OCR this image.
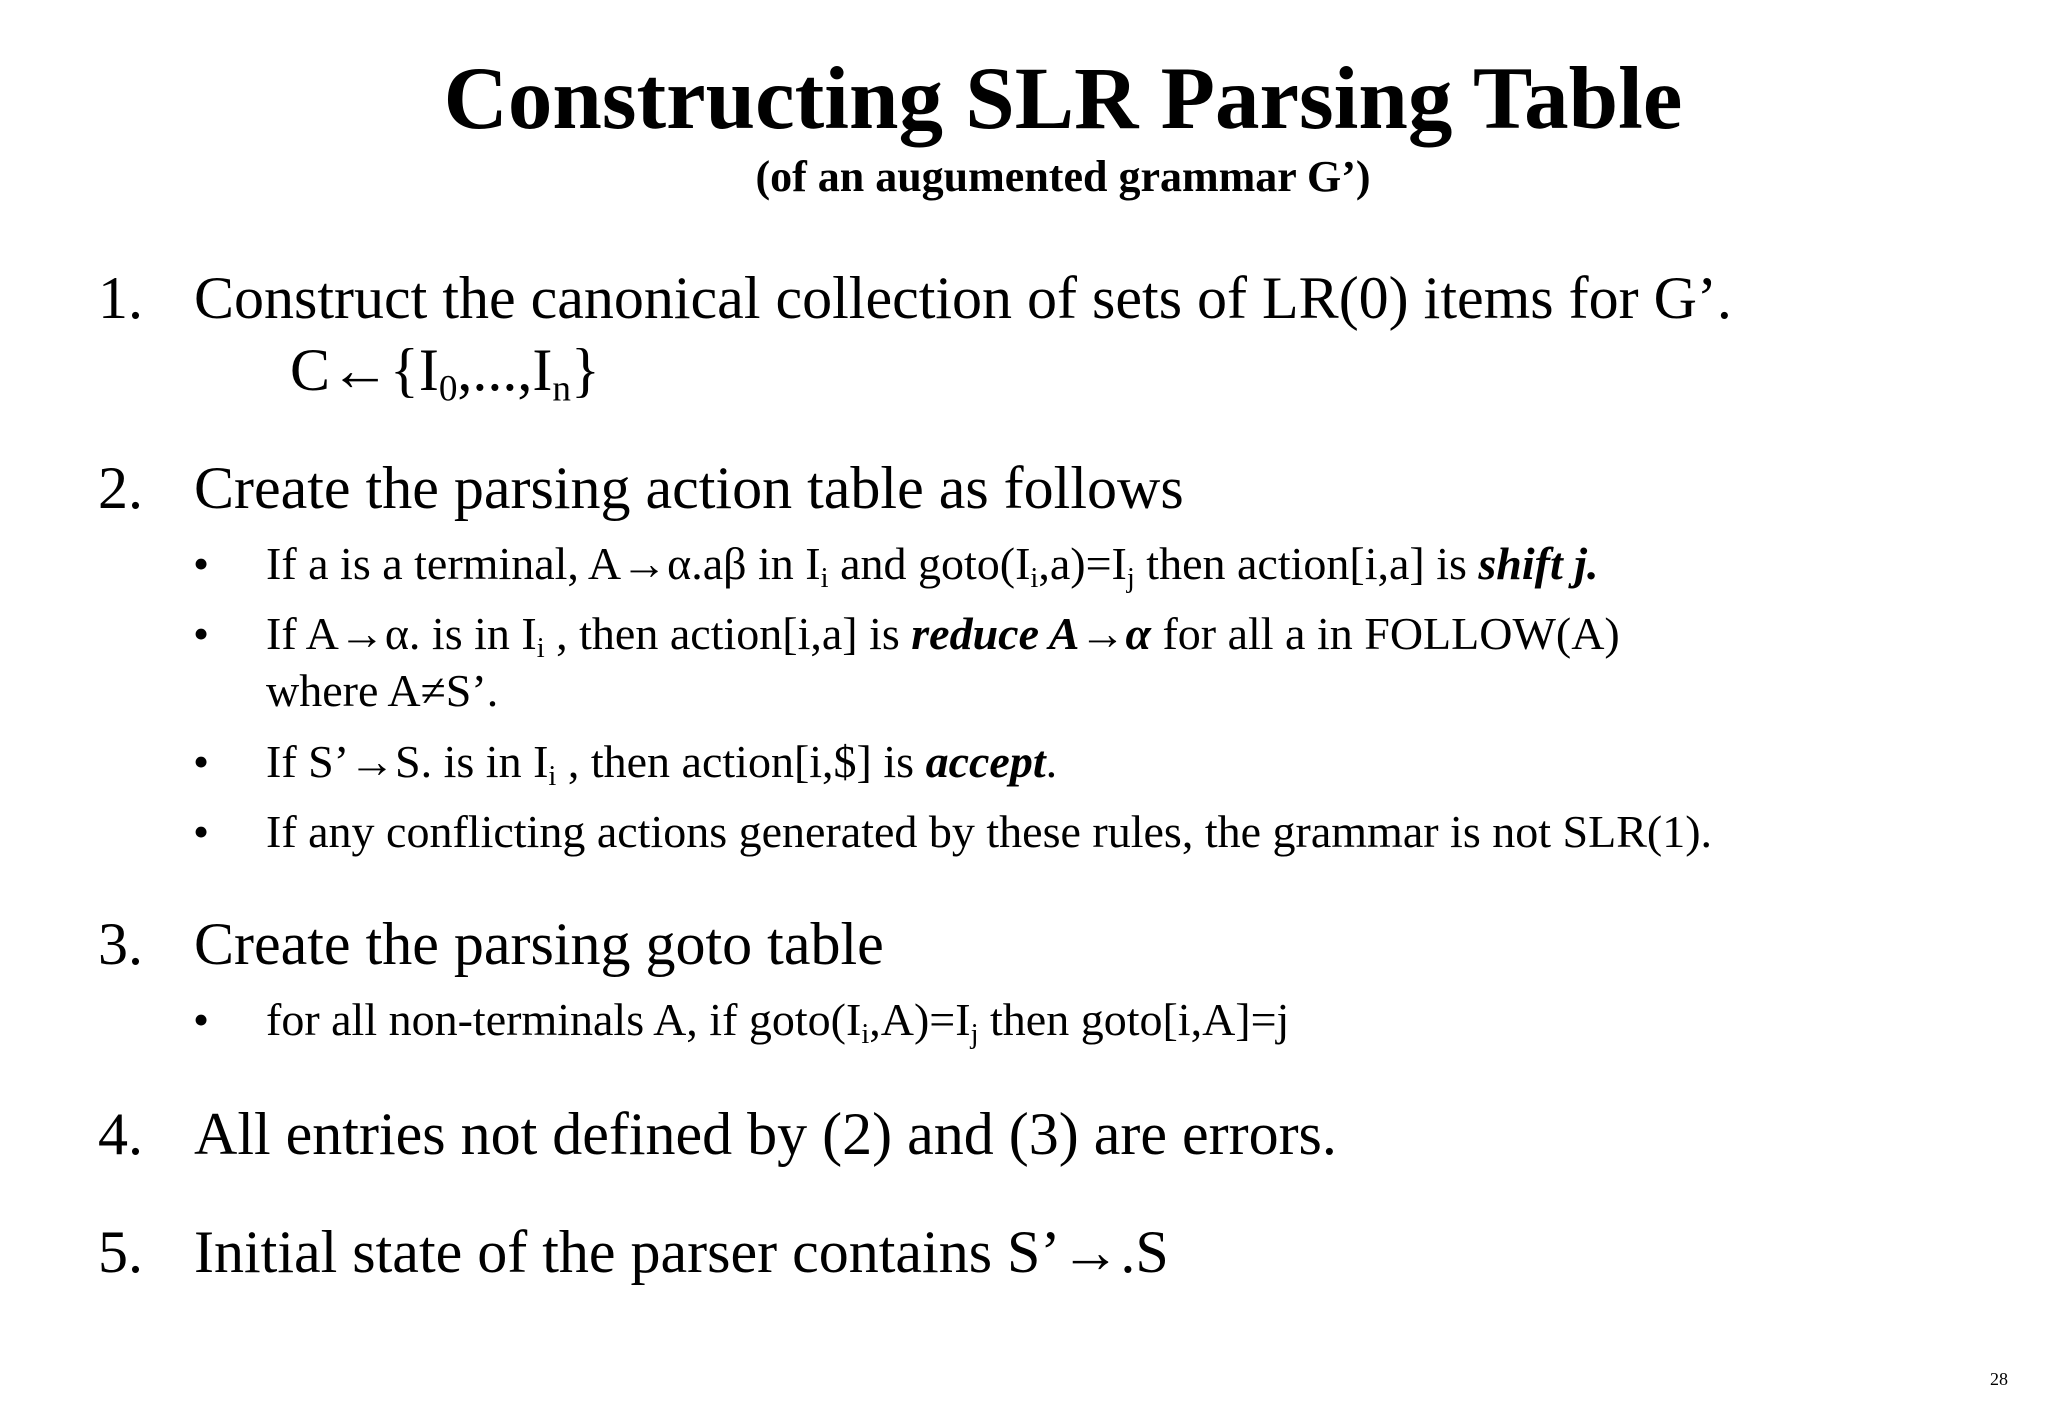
Constructing SLR Parsing Table
(of an augumented grammar G’)
1. Construct the canonical collection of sets of LR(0) items for G’.
$C\leftarrow\{I_0,...,I_n\}$
2. Create the parsing action table as follows
• If a is a terminal, A→α.aβ in $I_i$ and $goto(I_i,a)=I_j$ then action[i,a] is shift j.
• If A→α. is in $I_i$ , then action[i,a] is reduce A→α for all a in FOLLOW(A)
where A≠S’.
• If S’→S. is in $I_i$ , then action[i,$] is accept.
• If any conflicting actions generated by these rules, the grammar is not SLR(1).
3. Create the parsing goto table
• for all non-terminals A, if $goto(I_i,A)=I_j$ then goto[i,A]=j
4. All entries not defined by (2) and (3) are errors.
5. Initial state of the parser contains S’→.S
28
